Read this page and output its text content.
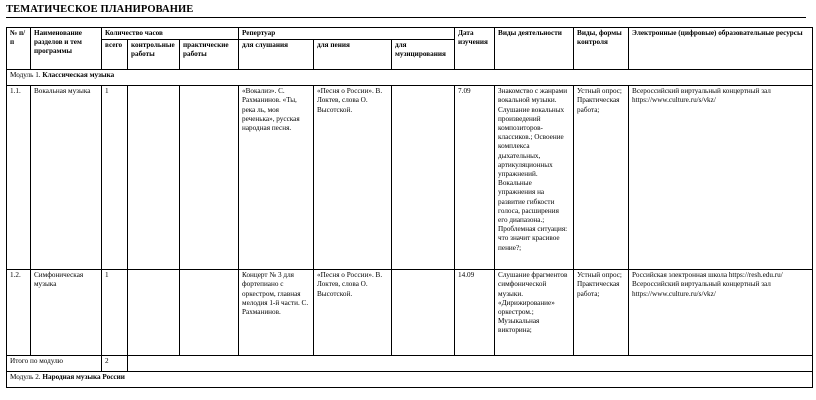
ТЕМАТИЧЕСКОЕ ПЛАНИРОВАНИЕ
№ п/п	Наименование разделов и тем программы	Количество часов			Репертуар			Дата изучения	Виды деятельности	Виды, формы контроля	Электронные (цифровые) образовательные ресурсы
		всего	контрольные работы	практические работы	для слушания	для пения	для музицирования				
Модуль 1. Классическая музыка											
1.1.	Вокальная музыка	1			«Вокализ». С. Рахманинов. «Ты, река ль, моя реченька», русская народная песня.	«Песня о России». В. Локтев, слова О. Высотской.		7.09	Знакомство с жанрами вокальной музыки. Слушание вокальных произведений композиторов-классиков.; Освоение комплекса дыхательных, артикуляционных упражнений. Вокальные упражнения на развитие гибкости голоса, расширения его диапазона.; Проблемная ситуация: что значит красивое пение?;	Устный опрос; Практическая работа;	Всероссийский виртуальный концертный зал https://www.culture.ru/s/vkz/
1.2.	Симфоническая музыка	1			Концерт № 3 для фортепиано с оркестром, главная мелодия 1-й части. С. Рахманинов.	«Песня о России». В. Локтев, слова О. Высотской.		14.09	Слушание фрагментов симфонической музыки. «Дирижирование» оркестром.; Музыкальная викторина;	Устный опрос; Практическая работа;	Российская электронная школа https://resh.edu.ru/ Всероссийский виртуальный концертный зал https://www.culture.ru/s/vkz/
Итого по модулю		2									
Модуль 2. Народная музыка России											
